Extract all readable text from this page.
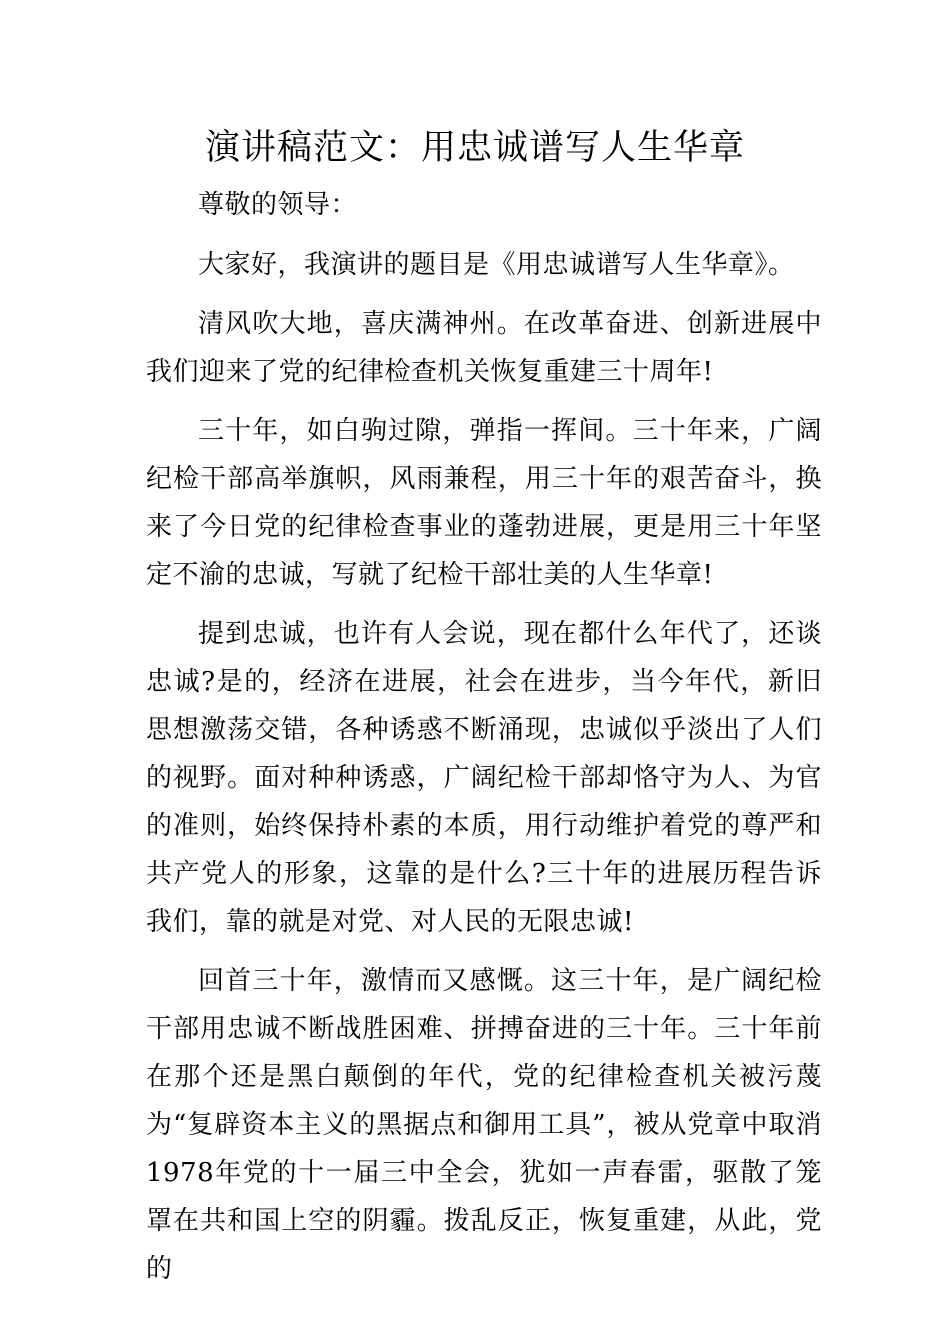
演讲稿范文：用忠诚谱写人生华章

尊敬的领导：

大家好，我演讲的题目是《用忠诚谱写人生华章》。

清风吹大地，喜庆满神州。在改革奋进、创新进展中我们迎来了党的纪律检查机关恢复重建三十周年!

三十年，如白驹过隙，弹指一挥间。三十年来，广阔纪检干部高举旗帜，风雨兼程，用三十年的艰苦奋斗，换来了今日党的纪律检查事业的蓬勃进展，更是用三十年坚定不渝的忠诚，写就了纪检干部壮美的人生华章!

提到忠诚，也许有人会说，现在都什么年代了，还谈忠诚?是的，经济在进展，社会在进步，当今年代，新旧思想激荡交错，各种诱惑不断涌现，忠诚似乎淡出了人们的视野。面对种种诱惑，广阔纪检干部却恪守为人、为官的准则，始终保持朴素的本质，用行动维护着党的尊严和共产党人的形象，这靠的是什么?三十年的进展历程告诉我们，靠的就是对党、对人民的无限忠诚!

回首三十年，激情而又感慨。这三十年，是广阔纪检干部用忠诚不断战胜困难、拼搏奋进的三十年。三十年前在那个还是黑白颠倒的年代，党的纪律检查机关被污蔑为“复辟资本主义的黑据点和御用工具”，被从党章中取消1978年党的十一届三中全会，犹如一声春雷，驱散了笼罩在共和国上空的阴霾。拨乱反正，恢复重建，从此，党的
